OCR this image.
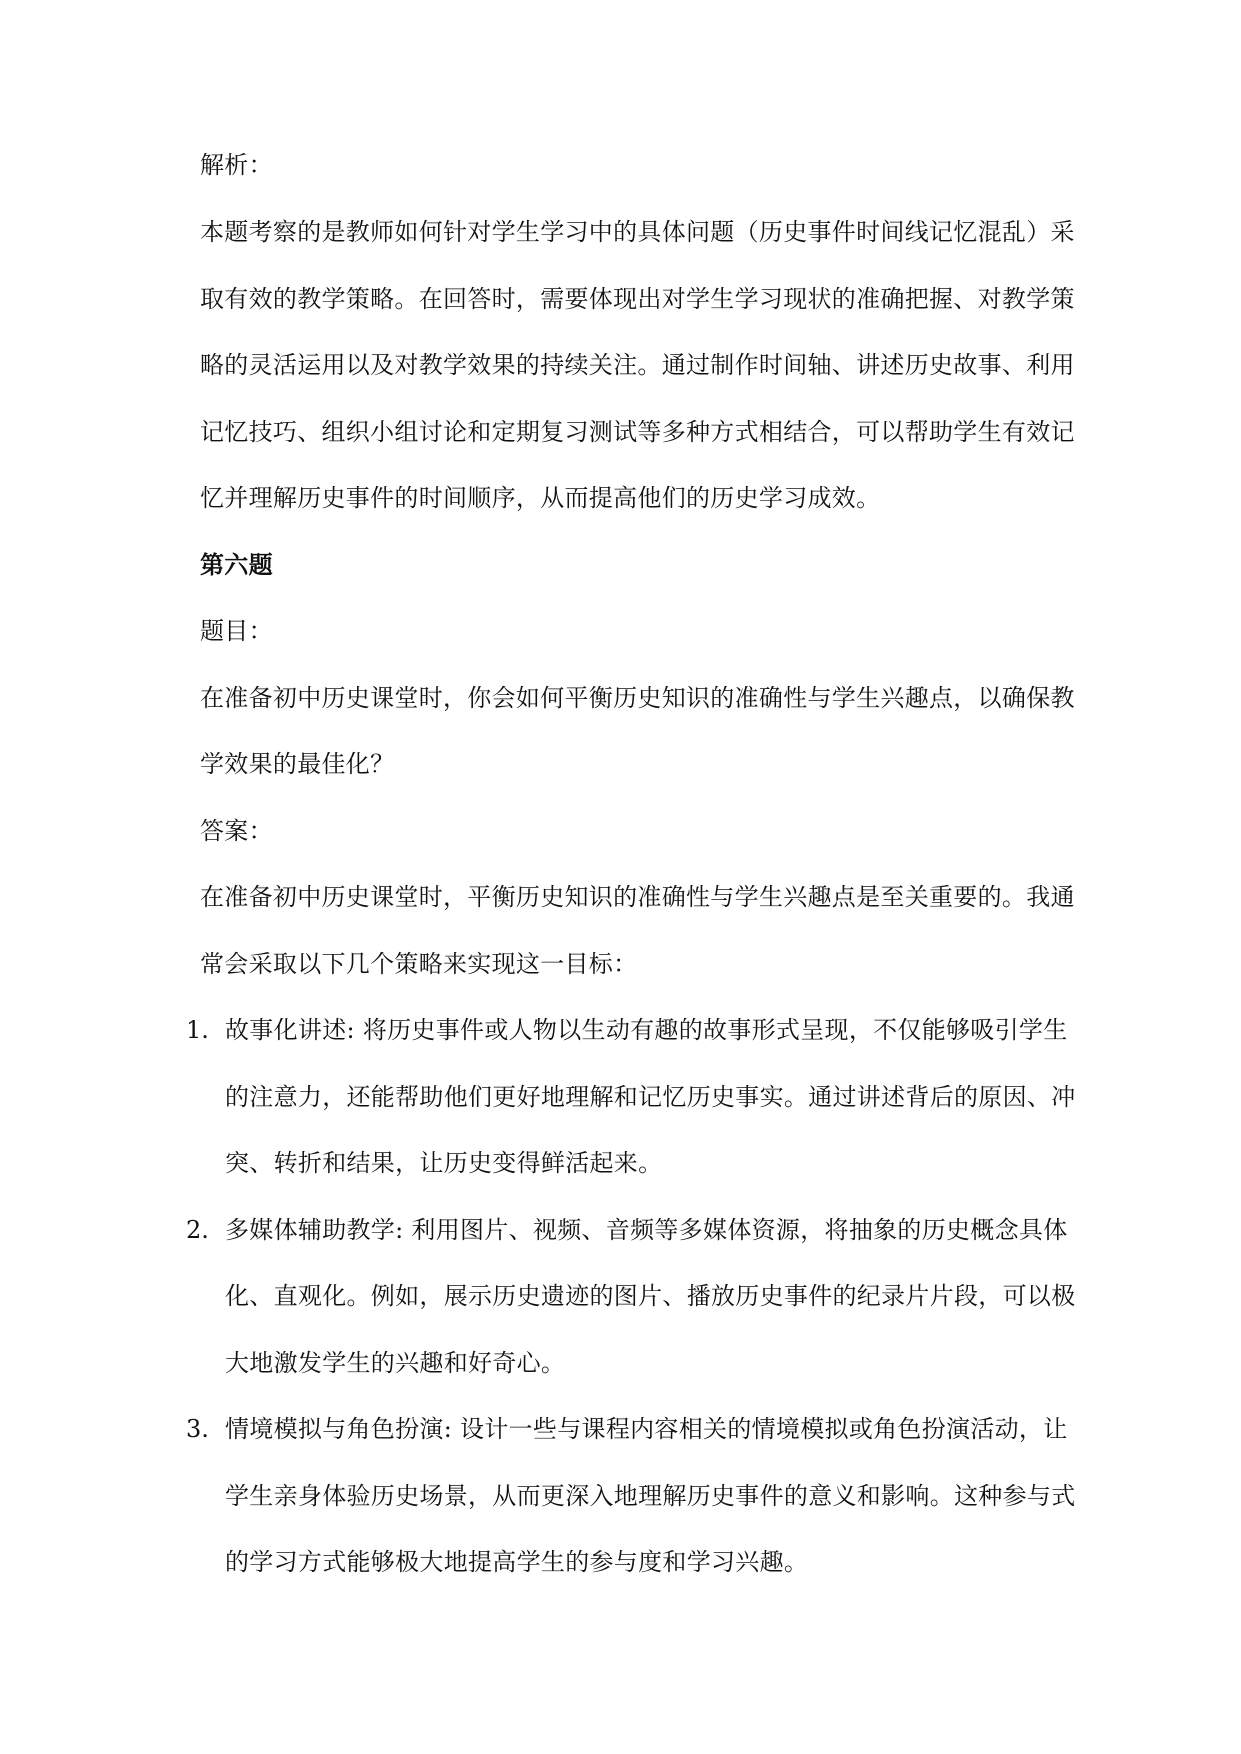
解析：
本题考察的是教师如何针对学生学习中的具体问题（历史事件时间线记忆混乱）采
取有效的教学策略。在回答时，需要体现出对学生学习现状的准确把握、对教学策
略的灵活运用以及对教学效果的持续关注。通过制作时间轴、讲述历史故事、利用
记忆技巧、组织小组讨论和定期复习测试等多种方式相结合，可以帮助学生有效记
忆并理解历史事件的时间顺序，从而提高他们的历史学习成效。
第六题
题目：
在准备初中历史课堂时，你会如何平衡历史知识的准确性与学生兴趣点，以确保教
学效果的最佳化？
答案：
在准备初中历史课堂时，平衡历史知识的准确性与学生兴趣点是至关重要的。我通
常会采取以下几个策略来实现这一目标：
1. 故事化讲述: 将历史事件或人物以生动有趣的故事形式呈现，不仅能够吸引学生
的注意力，还能帮助他们更好地理解和记忆历史事实。通过讲述背后的原因、冲
突、转折和结果，让历史变得鲜活起来。
2. 多媒体辅助教学: 利用图片、视频、音频等多媒体资源，将抽象的历史概念具体
化、直观化。例如，展示历史遗迹的图片、播放历史事件的纪录片片段，可以极
大地激发学生的兴趣和好奇心。
3. 情境模拟与角色扮演: 设计一些与课程内容相关的情境模拟或角色扮演活动，让
学生亲身体验历史场景，从而更深入地理解历史事件的意义和影响。这种参与式
的学习方式能够极大地提高学生的参与度和学习兴趣。
